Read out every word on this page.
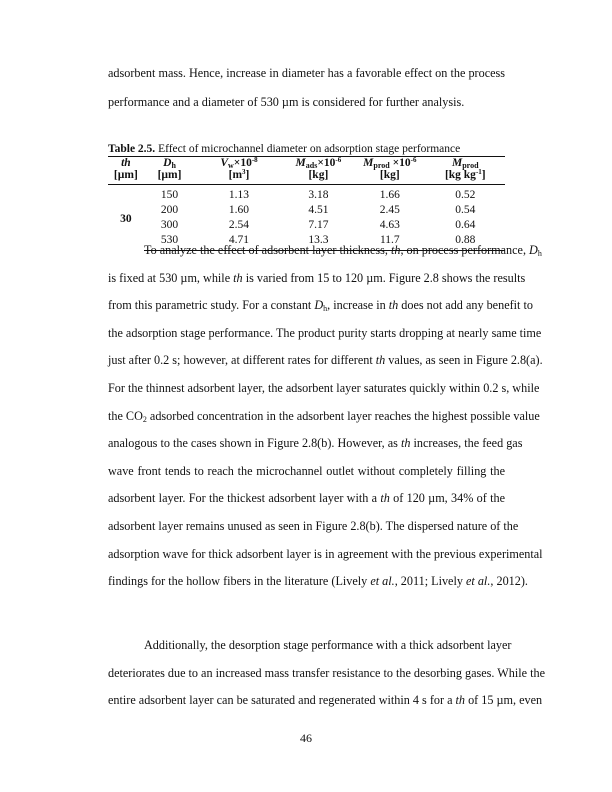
adsorbent mass. Hence, increase in diameter has a favorable effect on the process
performance and a diameter of 530 µm is considered for further analysis.
Table 2.5. Effect of microchannel diameter on adsorption stage performance
th	$D_h$	$V_w\times 10^{-8}$	$M_{ads}\times 10^{-6}$	$M_{prod} \times 10^{-6}$	$M_{prod}$
[µm]	[µm]	$[m^3]$	[kg]	[kg]	[kg $kg^{-1}$]
30	150	1.13	3.18	1.66	0.52
	200	1.60	4.51	2.45	0.54
	300	2.54	7.17	4.63	0.64
	530	4.71	13.3	11.7	0.88
To analyze the effect of adsorbent layer thickness, th, on process performance, $D_h$
is fixed at 530 µm, while th is varied from 15 to 120 µm. Figure 2.8 shows the results
from this parametric study. For a constant $D_h$, increase in th does not add any benefit to
the adsorption stage performance. The product purity starts dropping at nearly same time
just after 0.2 s; however, at different rates for different th values, as seen in Figure 2.8(a).
For the thinnest adsorbent layer, the adsorbent layer saturates quickly within 0.2 s, while
the $CO_2$ adsorbed concentration in the adsorbent layer reaches the highest possible value
analogous to the cases shown in Figure 2.8(b). However, as th increases, the feed gas
wave front tends to reach the microchannel outlet without completely filling the
adsorbent layer. For the thickest adsorbent layer with a th of 120 µm, 34% of the
adsorbent layer remains unused as seen in Figure 2.8(b). The dispersed nature of the
adsorption wave for thick adsorbent layer is in agreement with the previous experimental
findings for the hollow fibers in the literature (Lively et al., 2011; Lively et al., 2012).
Additionally, the desorption stage performance with a thick adsorbent layer
deteriorates due to an increased mass transfer resistance to the desorbing gases. While the
entire adsorbent layer can be saturated and regenerated within 4 s for a th of 15 µm, even
46
